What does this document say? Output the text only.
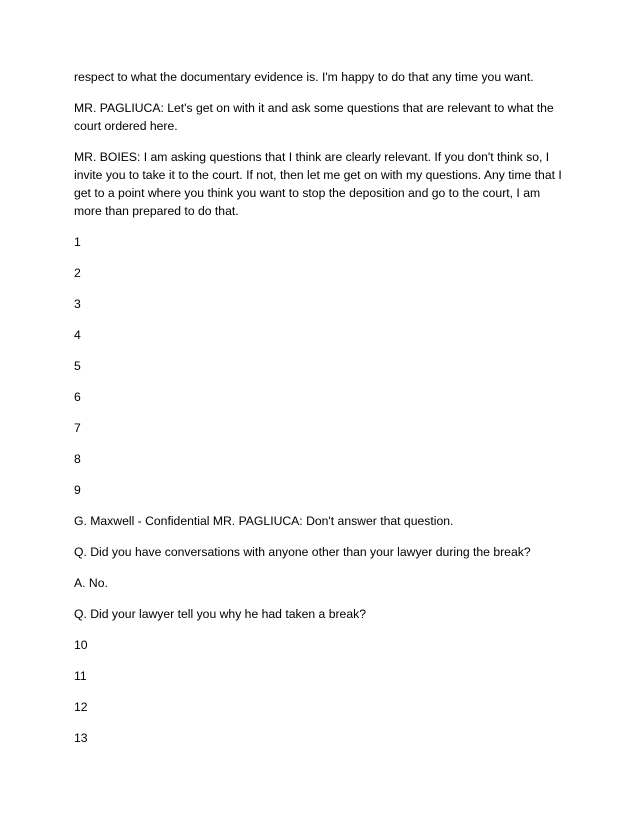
respect to what the documentary evidence is. I'm happy to do that any time you want.

MR. PAGLIUCA: Let's get on with it and ask some questions that are relevant to what the court ordered here.

MR. BOIES: I am asking questions that I think are clearly relevant. If you don't think so, I invite you to take it to the court. If not, then let me get on with my questions. Any time that I get to a point where you think you want to stop the deposition and go to the court, I am more than prepared to do that.

1

2

3

4

5

6

7

8

9

G. Maxwell - Confidential MR. PAGLIUCA: Don't answer that question.

Q. Did you have conversations with anyone other than your lawyer during the break?

A. No.

Q. Did your lawyer tell you why he had taken a break?

10

11

12

13
